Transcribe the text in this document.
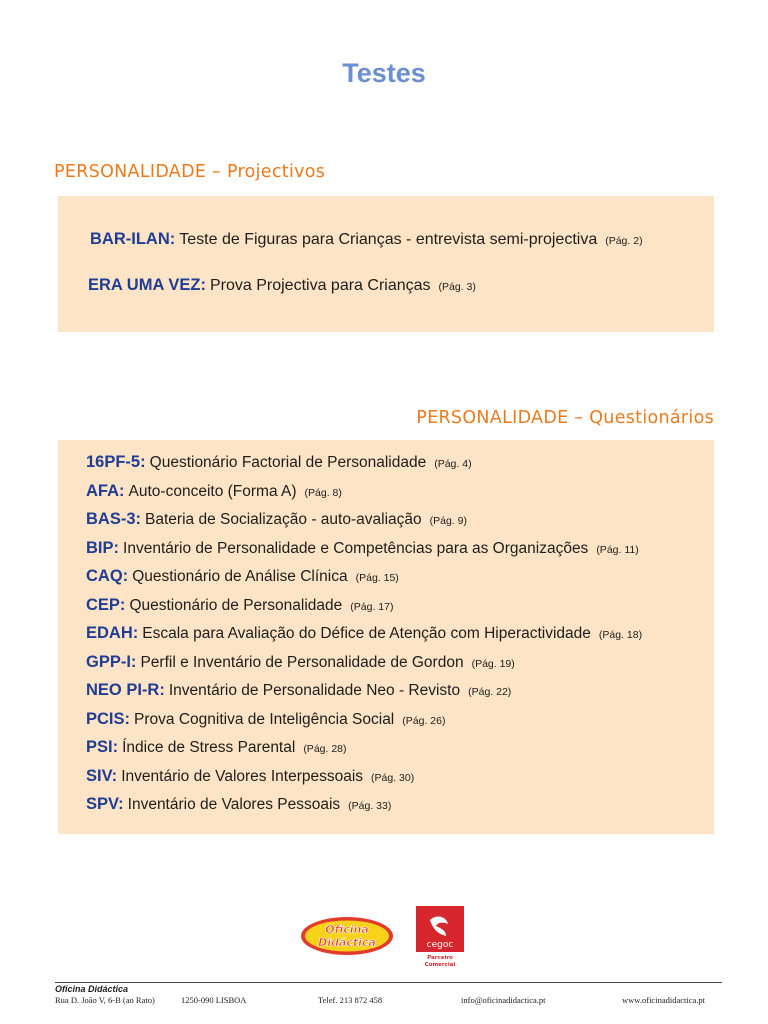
Testes
PERSONALIDADE – Projectivos
BAR-ILAN: Teste de Figuras para Crianças - entrevista semi-projectiva (Pág. 2)
ERA UMA VEZ: Prova Projectiva para Crianças (Pág. 3)
PERSONALIDADE – Questionários
16PF-5: Questionário Factorial de Personalidade (Pág. 4)
AFA: Auto-conceito (Forma A) (Pág. 8)
BAS-3: Bateria de Socialização - auto-avaliação (Pág. 9)
BIP: Inventário de Personalidade e Competências para as Organizações (Pág. 11)
CAQ: Questionário de Análise Clínica (Pág. 15)
CEP: Questionário de Personalidade (Pág. 17)
EDAH: Escala para Avaliação do Défice de Atenção com Hiperactividade (Pág. 18)
GPP-I: Perfil e Inventário de Personalidade de Gordon (Pág. 19)
NEO PI-R: Inventário de Personalidade Neo - Revisto (Pág. 22)
PCIS: Prova Cognitiva de Inteligência Social (Pág. 26)
PSI: Índice de Stress Parental (Pág. 28)
SIV: Inventário de Valores Interpessoais (Pág. 30)
SPV: Inventário de Valores Pessoais (Pág. 33)
Oficina
Didáctica	cegoc
Parceiro
Comercial
Oficina Didáctica
Rua D. João V, 6-B (ao Rato)	1250-090 LISBOA	Telef. 213 872 458	info@oficinadidactica.pt	www.oficinadidactica.pt
